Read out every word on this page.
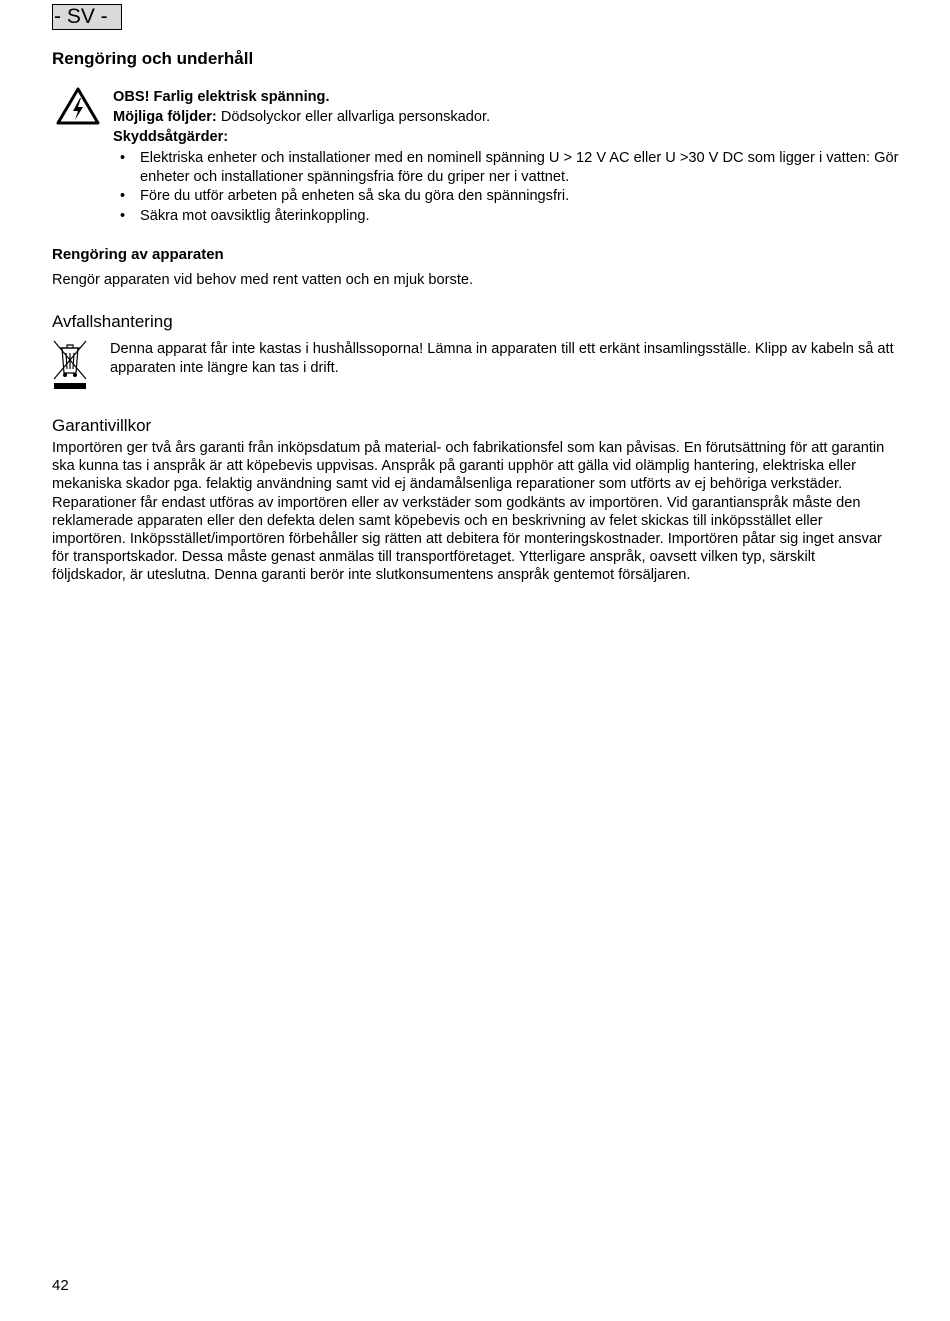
- SV -
Rengöring och underhåll
OBS! Farlig elektrisk spänning.
Möjliga följder: Dödsolyckor eller allvarliga personskador.
Skyddsåtgärder:
• Elektriska enheter och installationer med en nominell spänning U > 12 V AC eller U >30 V DC som ligger i vatten: Gör enheter och installationer spänningsfria före du griper ner i vattnet.
• Före du utför arbeten på enheten så ska du göra den spänningsfri.
• Säkra mot oavsiktlig återinkoppling.
Rengöring av apparaten
Rengör apparaten vid behov med rent vatten och en mjuk borste.
Avfallshantering
Denna apparat får inte kastas i hushållssoporna! Lämna in apparaten till ett erkänt insamlingsställe. Klipp av kabeln så att apparaten inte längre kan tas i drift.
Garantivillkor
Importören ger två års garanti från inköpsdatum på material- och fabrikationsfel som kan påvisas. En förutsättning för att garantin ska kunna tas i anspråk är att köpebevis uppvisas. Anspråk på garanti upphör att gälla vid olämplig hantering, elektriska eller mekaniska skador pga. felaktig användning samt vid ej ändamålsenliga reparationer som utförts av ej behöriga verkstäder. Reparationer får endast utföras av importören eller av verkstäder som godkänts av importören. Vid garantianspråk måste den reklamerade apparaten eller den defekta delen samt köpebevis och en beskrivning av felet skickas till inköpsstället eller importören. Inköpsstället/importören förbehåller sig rätten att debitera för monteringskostnader. Importören påtar sig inget ansvar för transportskador. Dessa måste genast anmälas till transportföretaget. Ytterligare anspråk, oavsett vilken typ, särskilt följdskador, är uteslutna. Denna garanti berör inte slutkonsumentens anspråk gentemot försäljaren.
42
